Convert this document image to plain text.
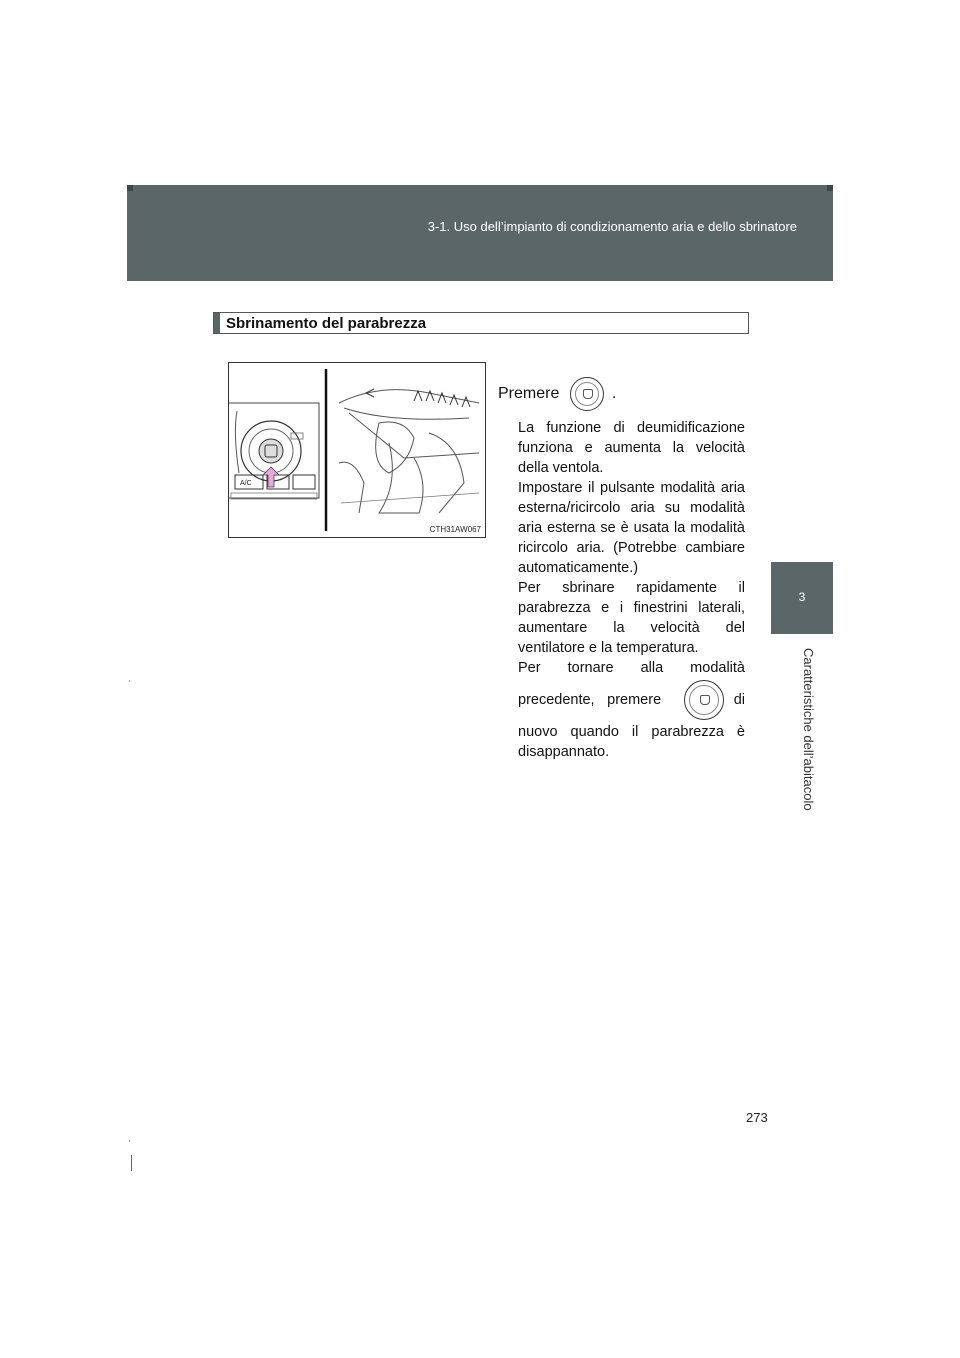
3-1. Uso dell’impianto di condizionamento aria e dello sbrinatore
3
Caratteristiche dell’abitacolo
Sbrinamento del parabrezza
A/C
CTH31AW067
Premere	.

La funzione di deumidificazione funziona e aumenta la velocità della ventola.

Impostare il pulsante modalità aria esterna/ricircolo aria su modalità aria esterna se è usata la modalità ricircolo aria. (Potrebbe cambiare automaticamente.)

Per sbrinare rapidamente il parabrezza e i finestrini laterali, aumentare la velocità del ventilatore e la temperatura.

Per tornare alla modalità precedente, premere	di nuovo quando il parabrezza è disappannato.

273
